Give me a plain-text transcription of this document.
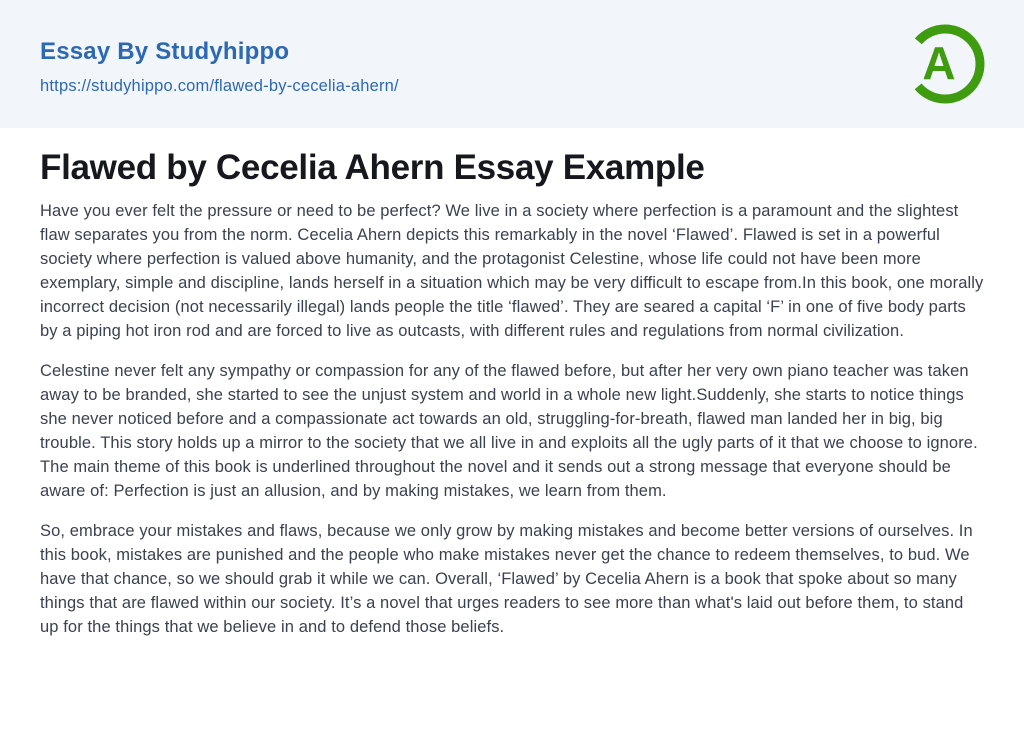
Essay By Studyhippo
https://studyhippo.com/flawed-by-cecelia-ahern/	A
Flawed by Cecelia Ahern Essay Example

Have you ever felt the pressure or need to be perfect? We live in a society where perfection is a paramount and the slightest flaw separates you from the norm. Cecelia Ahern depicts this remarkably in the novel ‘Flawed’. Flawed is set in a powerful society where perfection is valued above humanity, and the protagonist Celestine, whose life could not have been more exemplary, simple and discipline, lands herself in a situation which may be very difficult to escape from.In this book, one morally incorrect decision (not necessarily illegal) lands people the title ‘flawed’. They are seared a capital ‘F’ in one of five body parts by a piping hot iron rod and are forced to live as outcasts, with different rules and regulations from normal civilization.

Celestine never felt any sympathy or compassion for any of the flawed before, but after her very own piano teacher was taken away to be branded, she started to see the unjust system and world in a whole new light.Suddenly, she starts to notice things she never noticed before and a compassionate act towards an old, struggling-for-breath, flawed man landed her in big, big trouble. This story holds up a mirror to the society that we all live in and exploits all the ugly parts of it that we choose to ignore. The main theme of this book is underlined throughout the novel and it sends out a strong message that everyone should be aware of: Perfection is just an allusion, and by making mistakes, we learn from them.

So, embrace your mistakes and flaws, because we only grow by making mistakes and become better versions of ourselves. In this book, mistakes are punished and the people who make mistakes never get the chance to redeem themselves, to bud. We have that chance, so we should grab it while we can. Overall, ‘Flawed’ by Cecelia Ahern is a book that spoke about so many things that are flawed within our society. It’s a novel that urges readers to see more than what's laid out before them, to stand up for the things that we believe in and to defend those beliefs.
